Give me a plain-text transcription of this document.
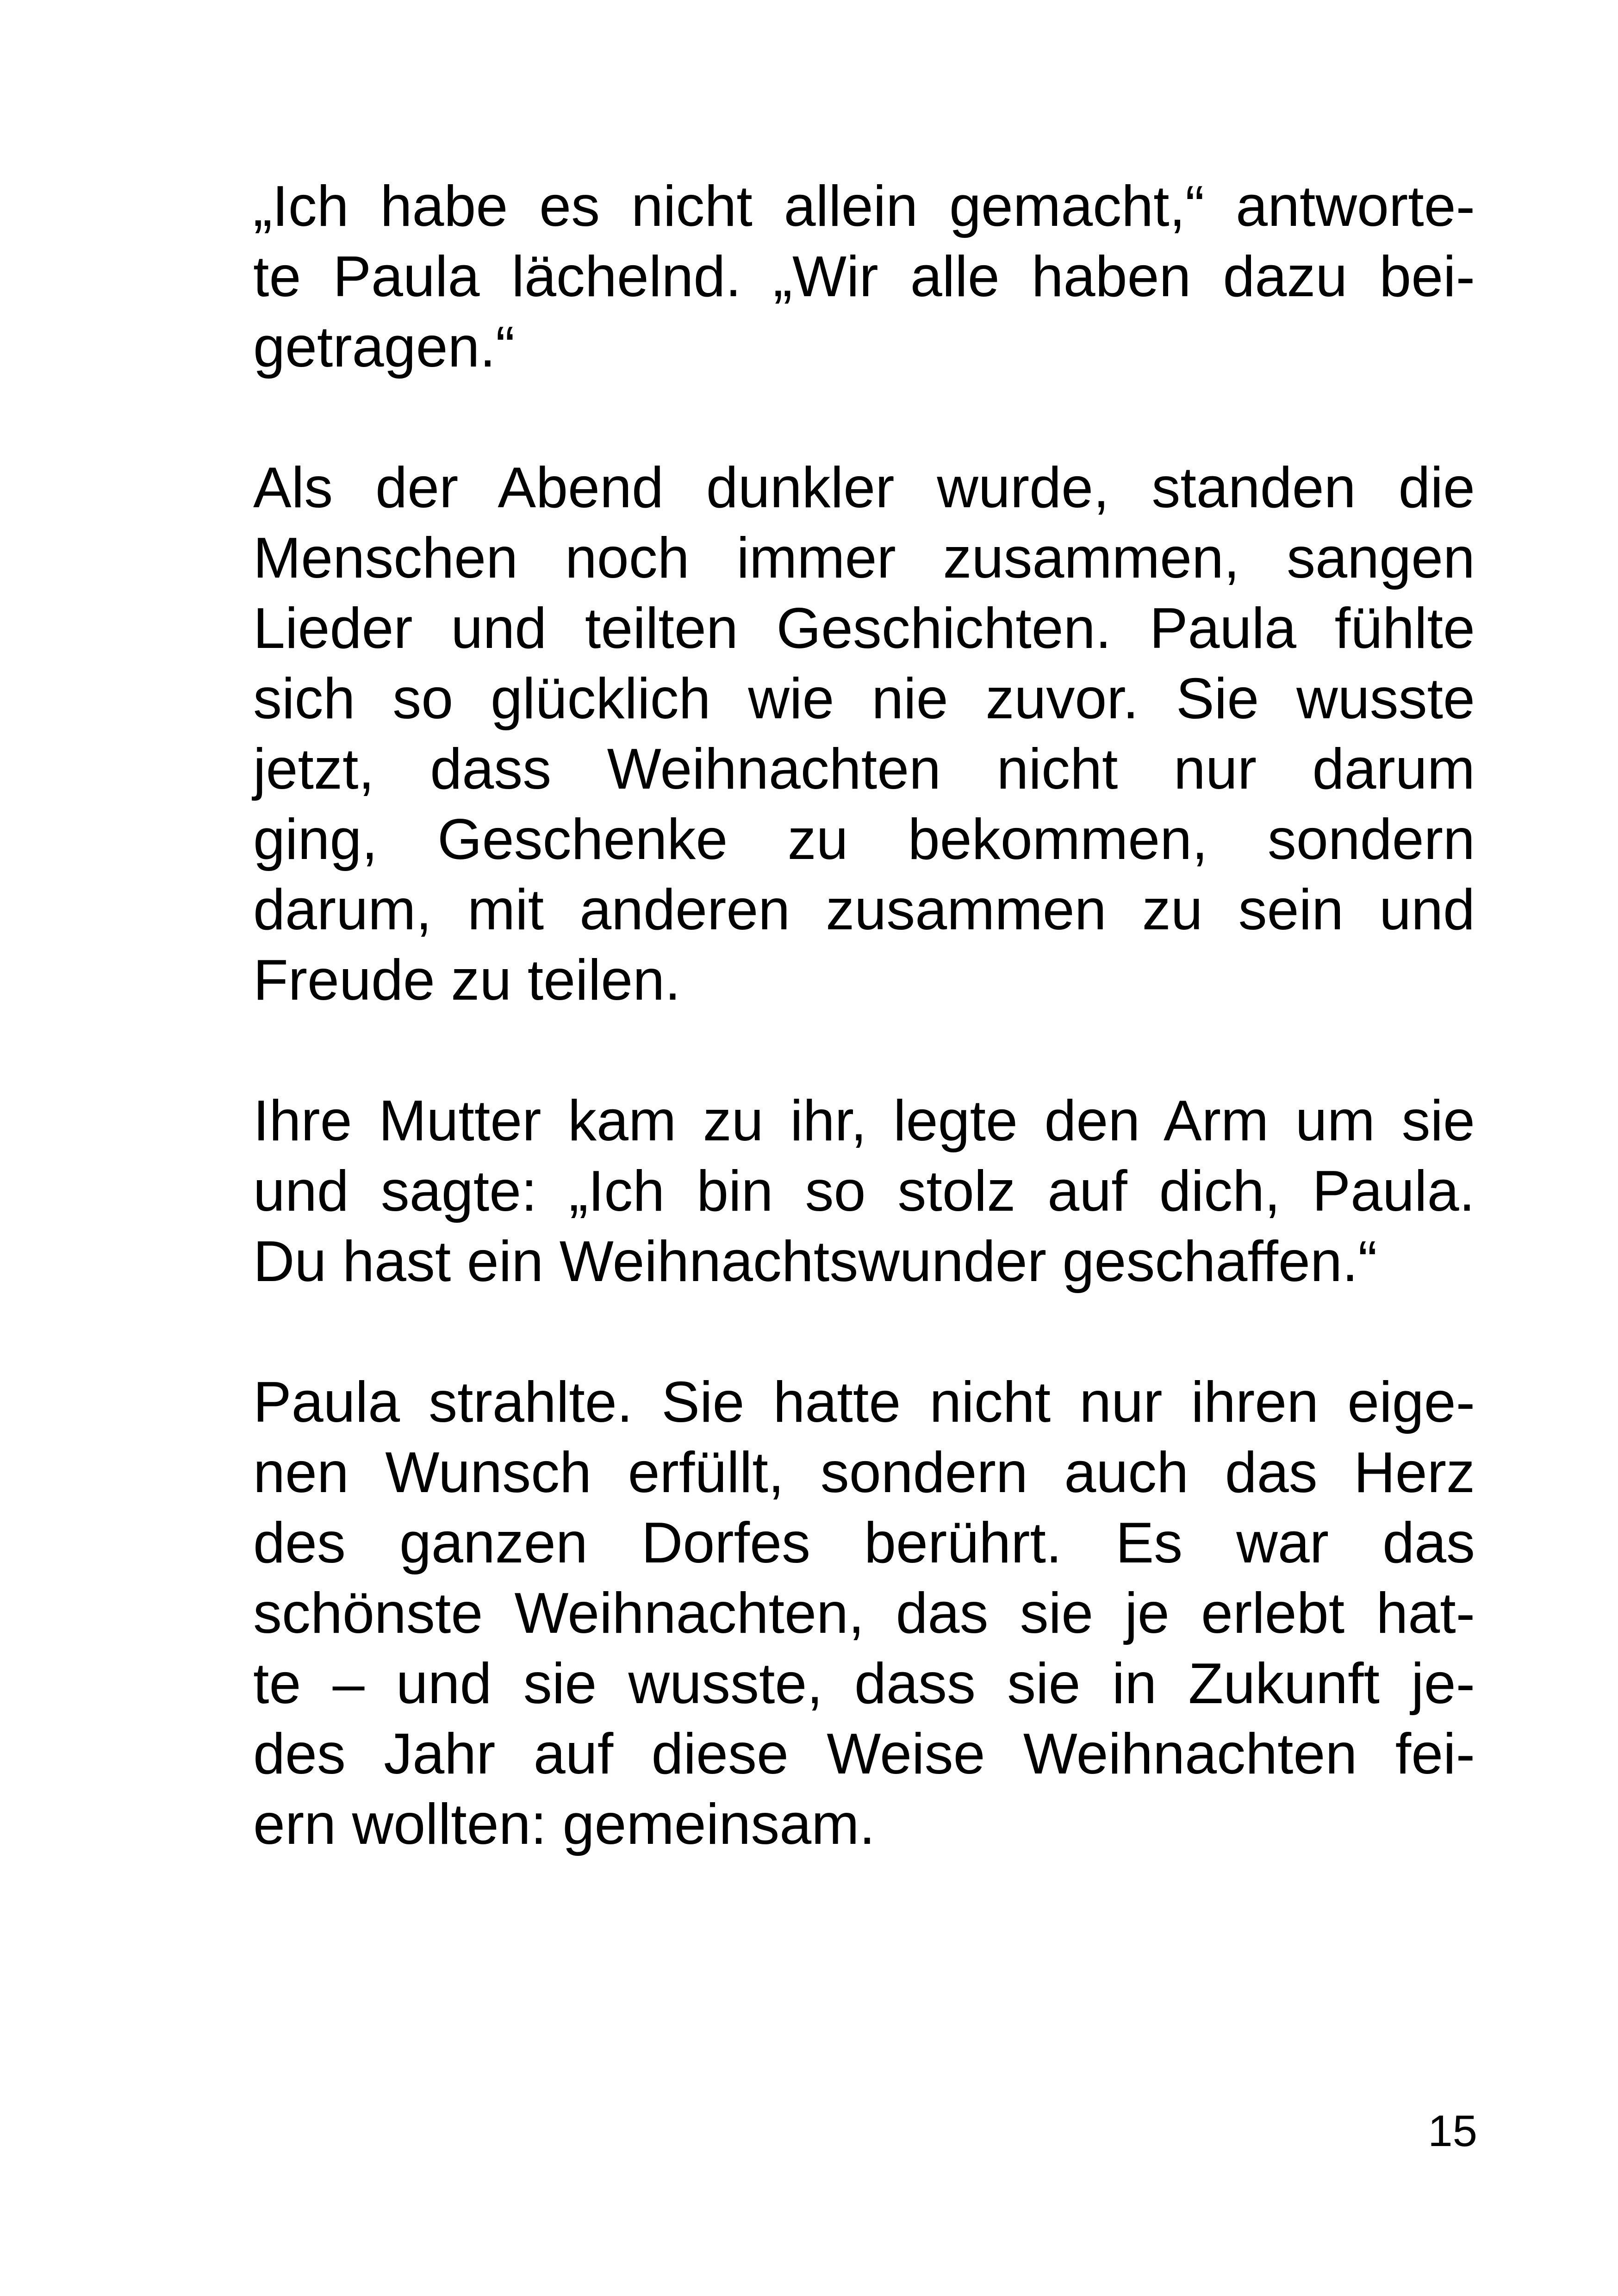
„Ich habe es nicht allein gemacht,“ antworte-
te Paula lächelnd. „Wir alle haben dazu bei-
getragen.“
Als der Abend dunkler wurde, standen die
Menschen noch immer zusammen, sangen
Lieder und teilten Geschichten. Paula fühlte
sich so glücklich wie nie zuvor. Sie wusste
jetzt, dass Weihnachten nicht nur darum
ging, Geschenke zu bekommen, sondern
darum, mit anderen zusammen zu sein und
Freude zu teilen.
Ihre Mutter kam zu ihr, legte den Arm um sie
und sagte: „Ich bin so stolz auf dich, Paula.
Du hast ein Weihnachtswunder geschaffen.“
Paula strahlte. Sie hatte nicht nur ihren eige-
nen Wunsch erfüllt, sondern auch das Herz
des ganzen Dorfes berührt. Es war das
schönste Weihnachten, das sie je erlebt hat-
te – und sie wusste, dass sie in Zukunft je-
des Jahr auf diese Weise Weihnachten fei-
ern wollten: gemeinsam.
15
